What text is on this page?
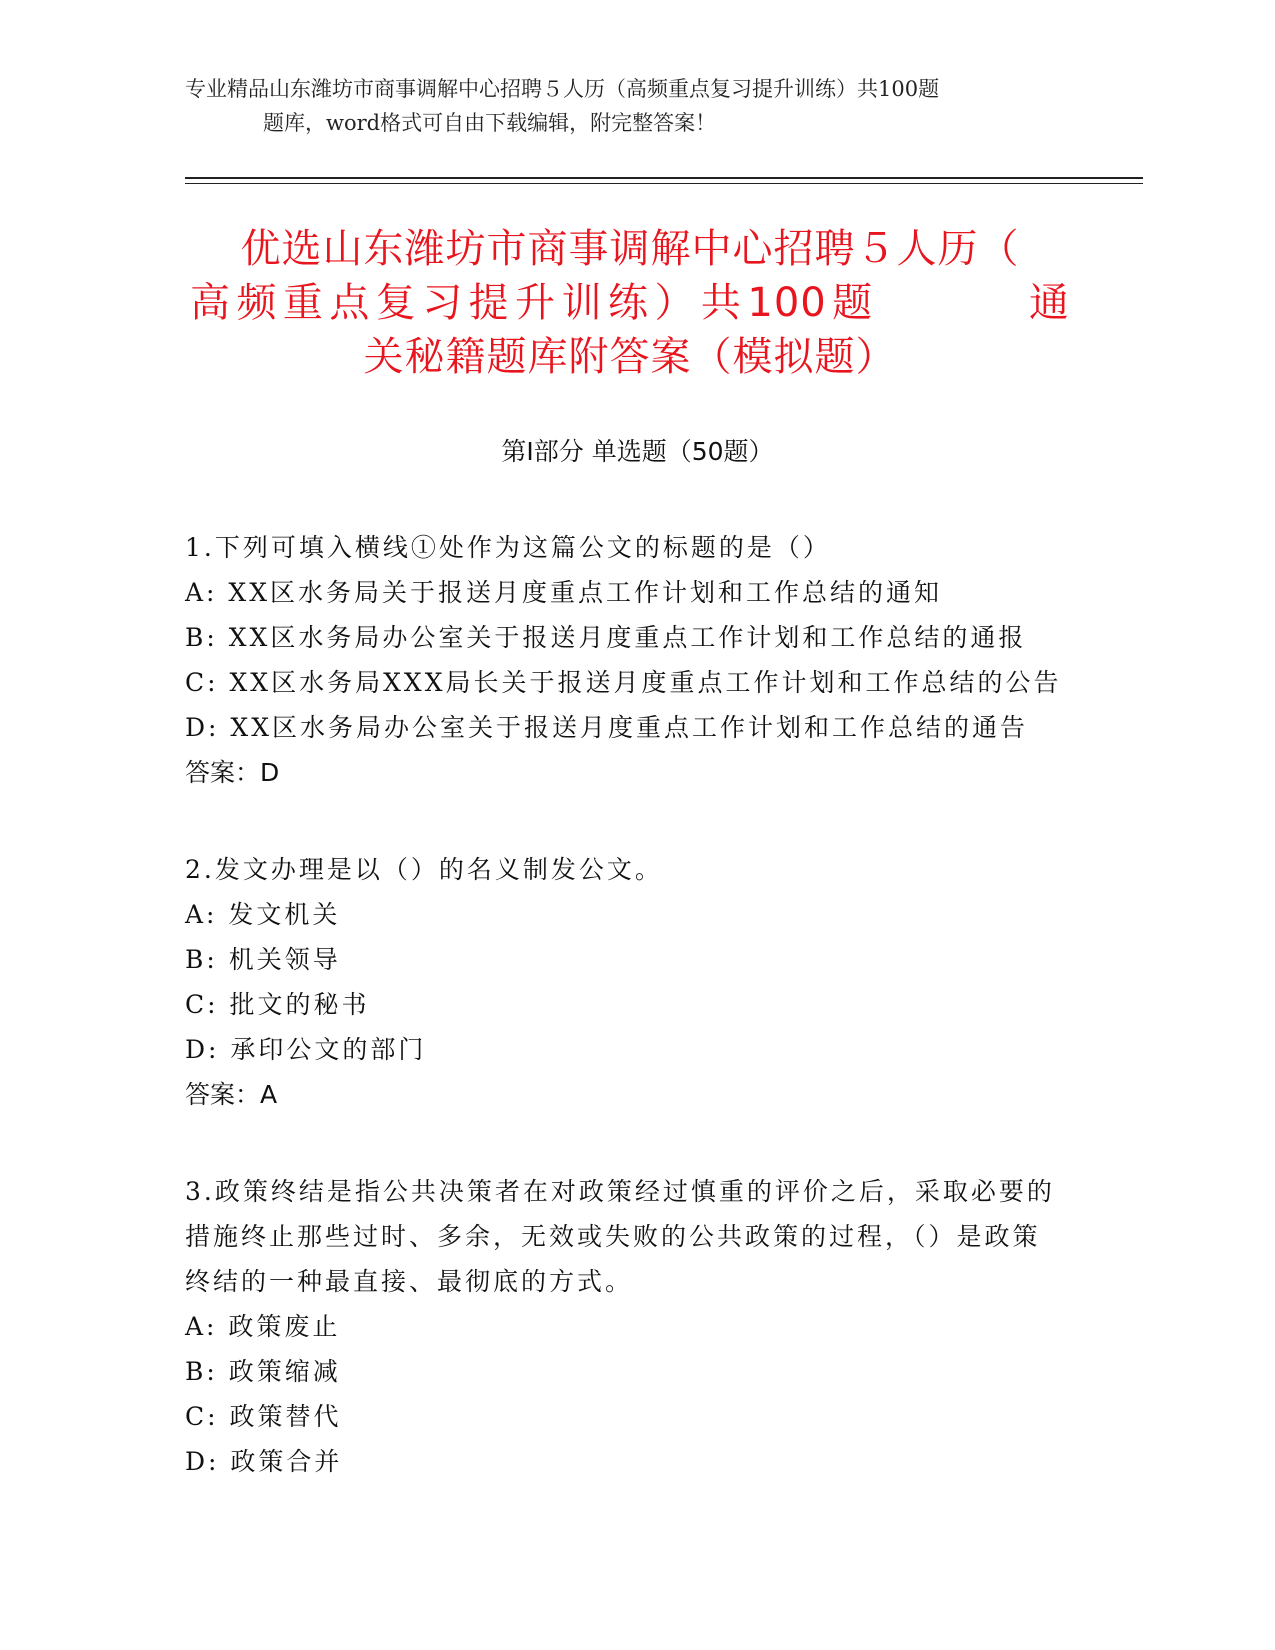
专业精品山东潍坊市商事调解中心招聘５人历（高频重点复习提升训练）共100题
题库，word格式可自由下载编辑，附完整答案！
优选山东潍坊市商事调解中心招聘５人历（
高频重点复习提升训练）共100题 　 　 通
关秘籍题库附答案（模拟题）
第Ⅰ部分 单选题（50题）
1.下列可填入横线①处作为这篇公文的标题的是（）
A: XX区水务局关于报送月度重点工作计划和工作总结的通知
B: XX区水务局办公室关于报送月度重点工作计划和工作总结的通报
C: XX区水务局XXX局长关于报送月度重点工作计划和工作总结的公告
D: XX区水务局办公室关于报送月度重点工作计划和工作总结的通告
答案：D
2.发文办理是以（）的名义制发公文。
A: 发文机关
B: 机关领导
C: 批文的秘书
D: 承印公文的部门
答案：A
3.政策终结是指公共决策者在对政策经过慎重的评价之后，采取必要的措施终止那些过时、多余，无效或失败的公共政策的过程，（）是政策终结的一种最直接、最彻底的方式。
A: 政策废止
B: 政策缩减
C: 政策替代
D: 政策合并
